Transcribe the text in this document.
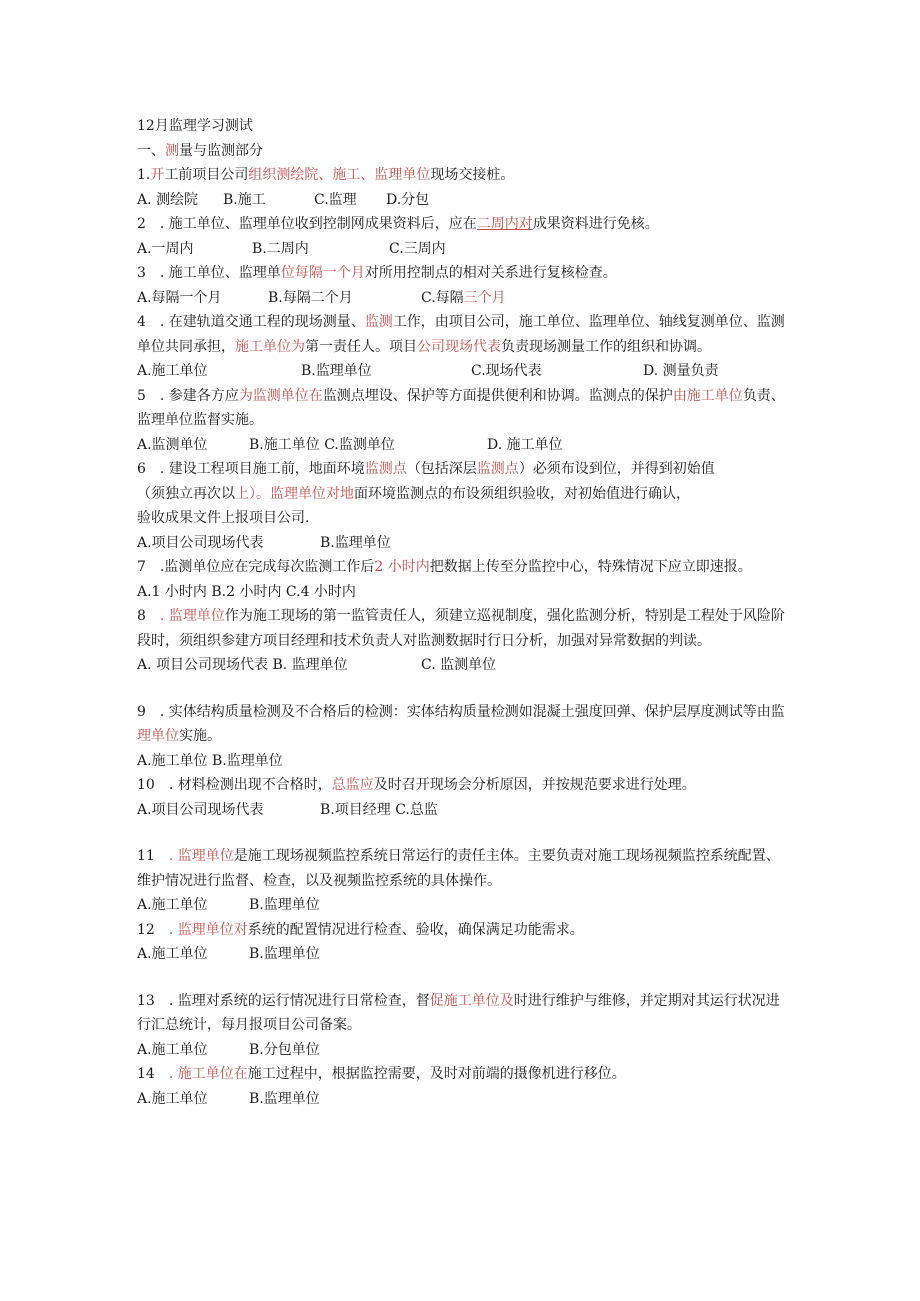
12月监理学习测试
一、测量与监测部分
1.开工前项目公司组织测绘院、施工、监理单位现场交接桩。
A. 测绘院	B.施工	C.监理	D.分包
2　. 施工单位、监理单位收到控制网成果资料后，应在二周内对成果资料进行免核。
A.一周内	B.二周内	C.三周内
3　. 施工单位、监理单位每隔一个月对所用控制点的相对关系进行复核检查。
A.每隔一个月	B.每隔二个月	C.每隔三个月
4　. 在建轨道交通工程的现场测量、监测工作，由项目公司，施工单位、监理单位、轴线复测单位、监测单位共同承担，施工单位为第一责任人。项目公司现场代表负责现场测量工作的组织和协调。
A.施工单位	B.监理单位	C.现场代表	D. 测量负责
5　. 参建各方应为监测单位在监测点埋设、保护等方面提供便利和协调。监测点的保护由施工单位负责、监理单位监督实施。
A.监测单位	B.施工单位 C.监测单位	D. 施工单位
6　. 建设工程项目施工前，地面环境监测点（包括深层监测点）必须布设到位，并得到初始值
（须独立再次以上）。监理单位对地面环境监测点的布设须组织验收，对初始值进行确认，
验收成果文件上报项目公司.
A.项目公司现场代表	B.监理单位
7　.监测单位应在完成每次监测工作后2 小时内把数据上传至分监控中心，特殊情况下应立即速报。
A.1 小时内 B.2 小时内 C.4 小时内
8　. 监理单位作为施工现场的第一监管责任人，须建立巡视制度，强化监测分析，特别是工程处于风险阶段时，须组织参建方项目经理和技术负责人对监测数据时行日分析，加强对异常数据的判读。
A. 项目公司现场代表 B. 监理单位	C. 监测单位
9　. 实体结构质量检测及不合格后的检测：实体结构质量检测如混凝土强度回弹、保护层厚度测试等由监理单位实施。
A.施工单位 B.监理单位
10　. 材料检测出现不合格时，总监应及时召开现场会分析原因，并按规范要求进行处理。
A.项目公司现场代表	B.项目经理 C.总监
11　. 监理单位是施工现场视频监控系统日常运行的责任主体。主要负责对施工现场视频监控系统配置、维护情况进行监督、检查，以及视频监控系统的具体操作。
A.施工单位	B.监理单位
12　. 监理单位对系统的配置情况进行检查、验收，确保满足功能需求。
A.施工单位	B.监理单位
13　. 监理对系统的运行情况进行日常检查，督促施工单位及时进行维护与维修，并定期对其运行状况进行汇总统计，每月报项目公司备案。
A.施工单位	B.分包单位
14　. 施工单位在施工过程中，根据监控需要，及时对前端的摄像机进行移位。
A.施工单位	B.监理单位
